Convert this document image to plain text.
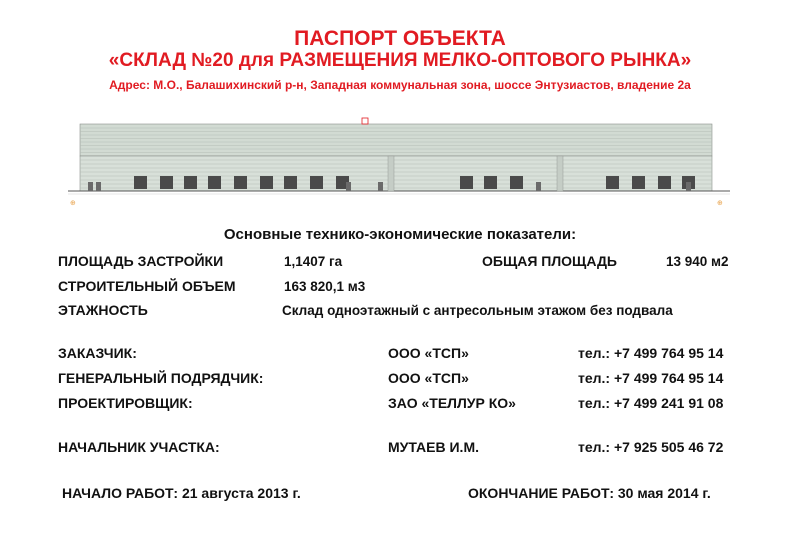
ПАСПОРТ ОБЪЕКТА
«СКЛАД №20 для РАЗМЕЩЕНИЯ МЕЛКО-ОПТОВОГО РЫНКА»
Адрес: М.О., Балашихинский р-н, Западная коммунальная зона, шоссе Энтузиастов, владение 2а
⊕	⊕
Основные технико-экономические показатели:
ПЛОЩАДЬ ЗАСТРОЙКИ	1,1407 га	ОБЩАЯ ПЛОЩАДЬ	13 940 м2
СТРОИТЕЛЬНЫЙ ОБЪЕМ	163 820,1 м3
ЭТАЖНОСТЬ	Склад одноэтажный с антресольным этажом без подвала
ЗАКАЗЧИК:	ООО «ТСП»	тел.: +7 499 764 95 14
ГЕНЕРАЛЬНЫЙ ПОДРЯДЧИК:	ООО «ТСП»	тел.: +7 499 764 95 14
ПРОЕКТИРОВЩИК:	ЗАО «ТЕЛЛУР КО»	тел.: +7 499 241 91 08
НАЧАЛЬНИК УЧАСТКА:	МУТАЕВ И.М.	тел.: +7 925 505 46 72
НАЧАЛО РАБОТ: 21 августа 2013 г.	ОКОНЧАНИЕ РАБОТ: 30 мая 2014 г.
